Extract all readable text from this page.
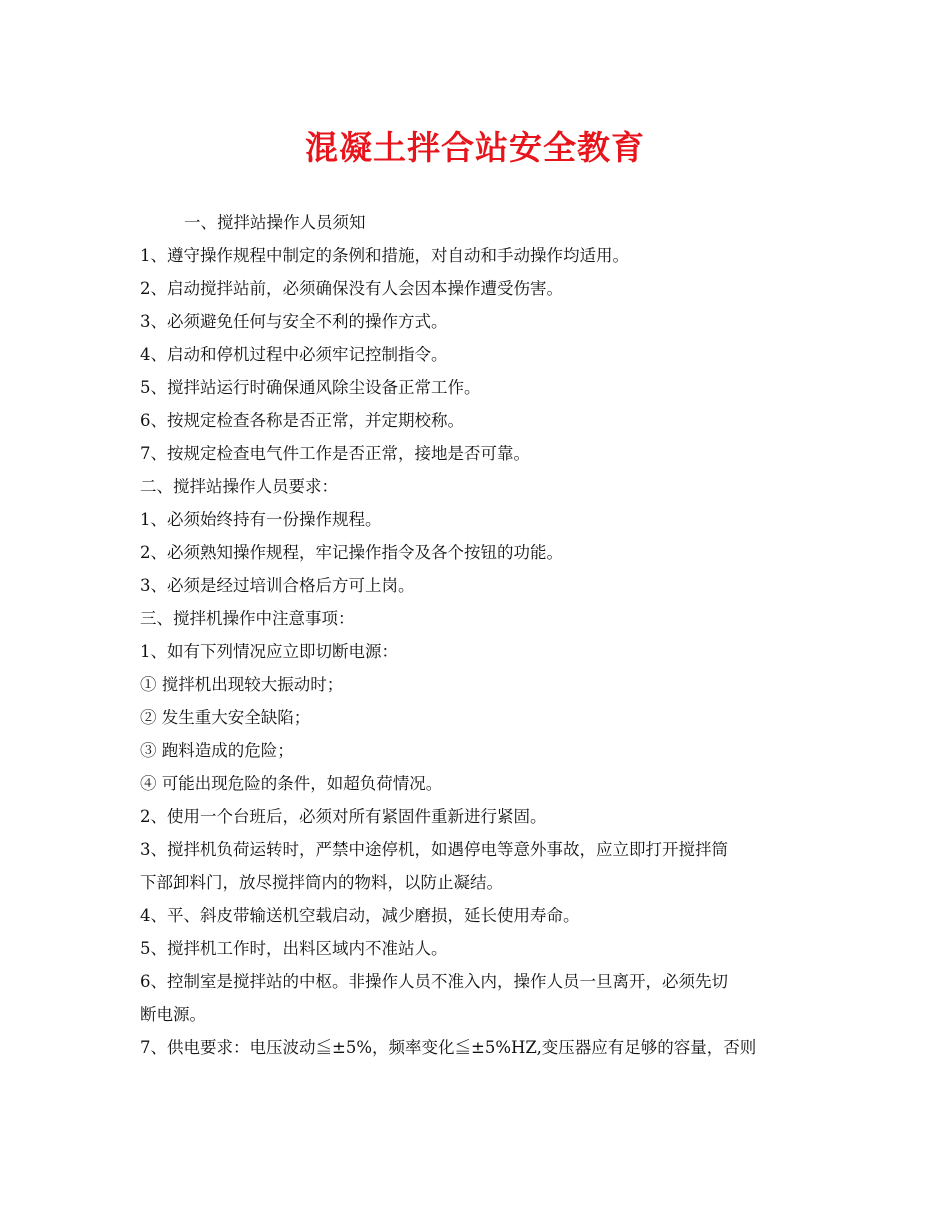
混凝土拌合站安全教育
一、搅拌站操作人员须知
1、遵守操作规程中制定的条例和措施，对自动和手动操作均适用。
2、启动搅拌站前，必须确保没有人会因本操作遭受伤害。
3、必须避免任何与安全不利的操作方式。
4、启动和停机过程中必须牢记控制指令。
5、搅拌站运行时确保通风除尘设备正常工作。
6、按规定检查各称是否正常，并定期校称。
7、按规定检查电气件工作是否正常，接地是否可靠。
二、搅拌站操作人员要求：
1、必须始终持有一份操作规程。
2、必须熟知操作规程，牢记操作指令及各个按钮的功能。
3、必须是经过培训合格后方可上岗。
三、搅拌机操作中注意事项：
1、如有下列情况应立即切断电源：
① 搅拌机出现较大振动时；
② 发生重大安全缺陷；
③ 跑料造成的危险；
④ 可能出现危险的条件，如超负荷情况。
2、使用一个台班后，必须对所有紧固件重新进行紧固。
3、搅拌机负荷运转时，严禁中途停机，如遇停电等意外事故，应立即打开搅拌筒
下部卸料门，放尽搅拌筒内的物料，以防止凝结。
4、平、斜皮带输送机空载启动，减少磨损，延长使用寿命。
5、搅拌机工作时，出料区域内不准站人。
6、控制室是搅拌站的中枢。非操作人员不准入内，操作人员一旦离开，必须先切
断电源。
7、供电要求：电压波动≦±5%，频率变化≦±5%HZ,变压器应有足够的容量，否则
